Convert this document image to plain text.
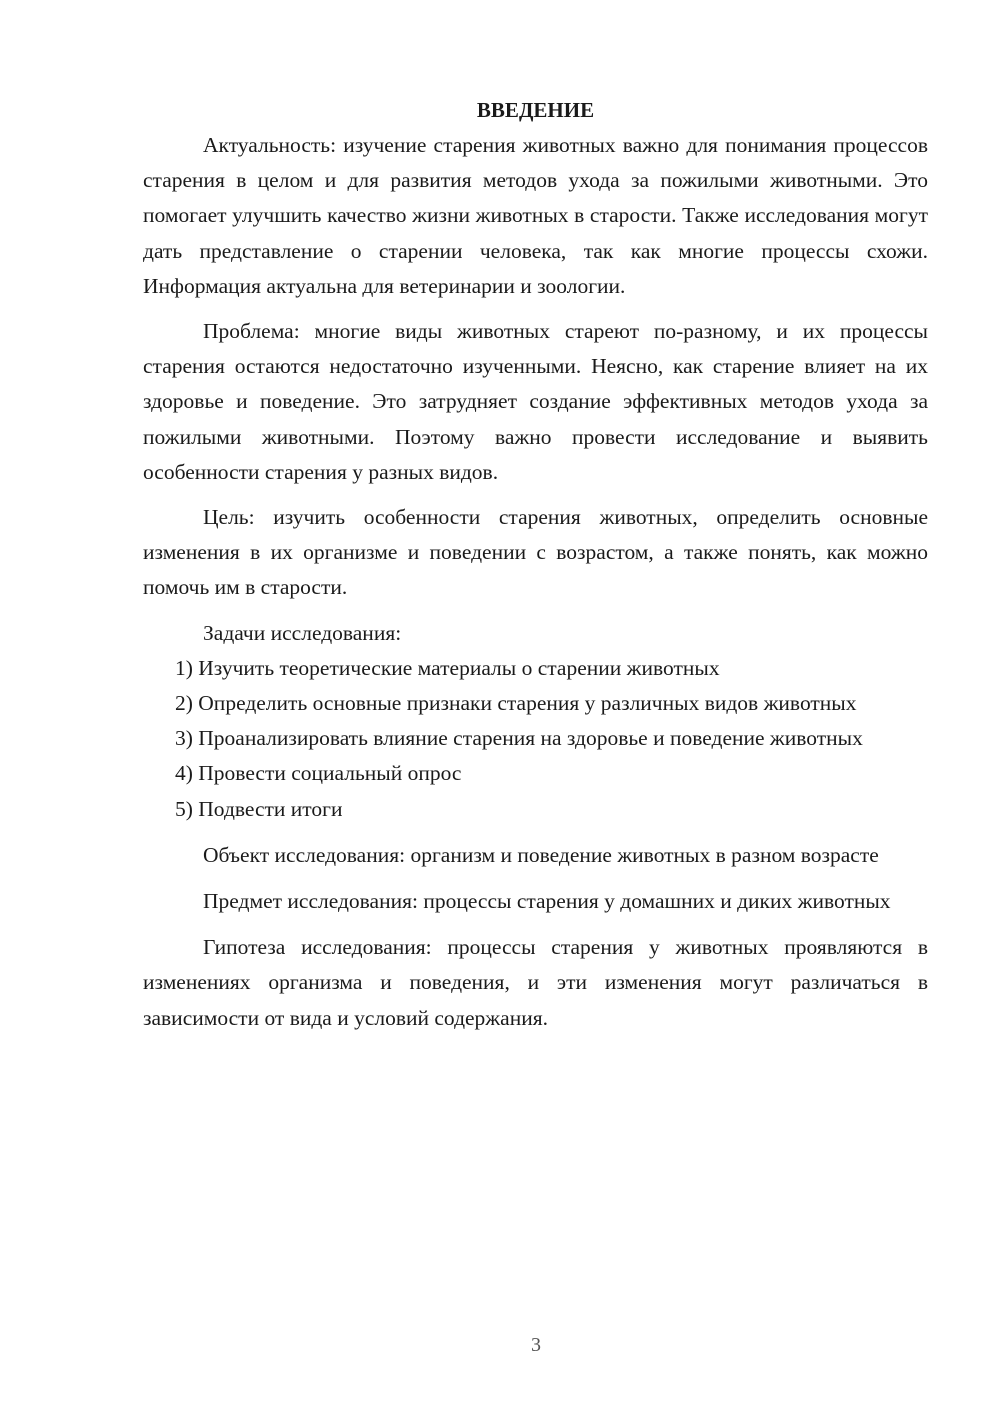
ВВЕДЕНИЕ

Актуальность: изучение старения животных важно для понимания процессов старения в целом и для развития методов ухода за пожилыми животными. Это помогает улучшить качество жизни животных в старости. Также исследования могут дать представление о старении человека, так как многие процессы схожи. Информация актуальна для ветеринарии и зоологии.

Проблема: многие виды животных стареют по-разному, и их процессы старения остаются недостаточно изученными. Неясно, как старение влияет на их здоровье и поведение. Это затрудняет создание эффективных методов ухода за пожилыми животными. Поэтому важно провести исследование и выявить особенности старения у разных видов.

Цель: изучить особенности старения животных, определить основные изменения в их организме и поведении с возрастом, а также понять, как можно помочь им в старости.

Задачи исследования:

1) Изучить теоретические материалы о старении животных

2) Определить основные признаки старения у различных видов животных

3) Проанализировать влияние старения на здоровье и поведение животных

4) Провести социальный опрос

5) Подвести итоги

Объект исследования: организм и поведение животных в разном возрасте

Предмет исследования: процессы старения у домашних и диких животных

Гипотеза исследования: процессы старения у животных проявляются в изменениях организма и поведения, и эти изменения могут различаться в зависимости от вида и условий содержания.

3
